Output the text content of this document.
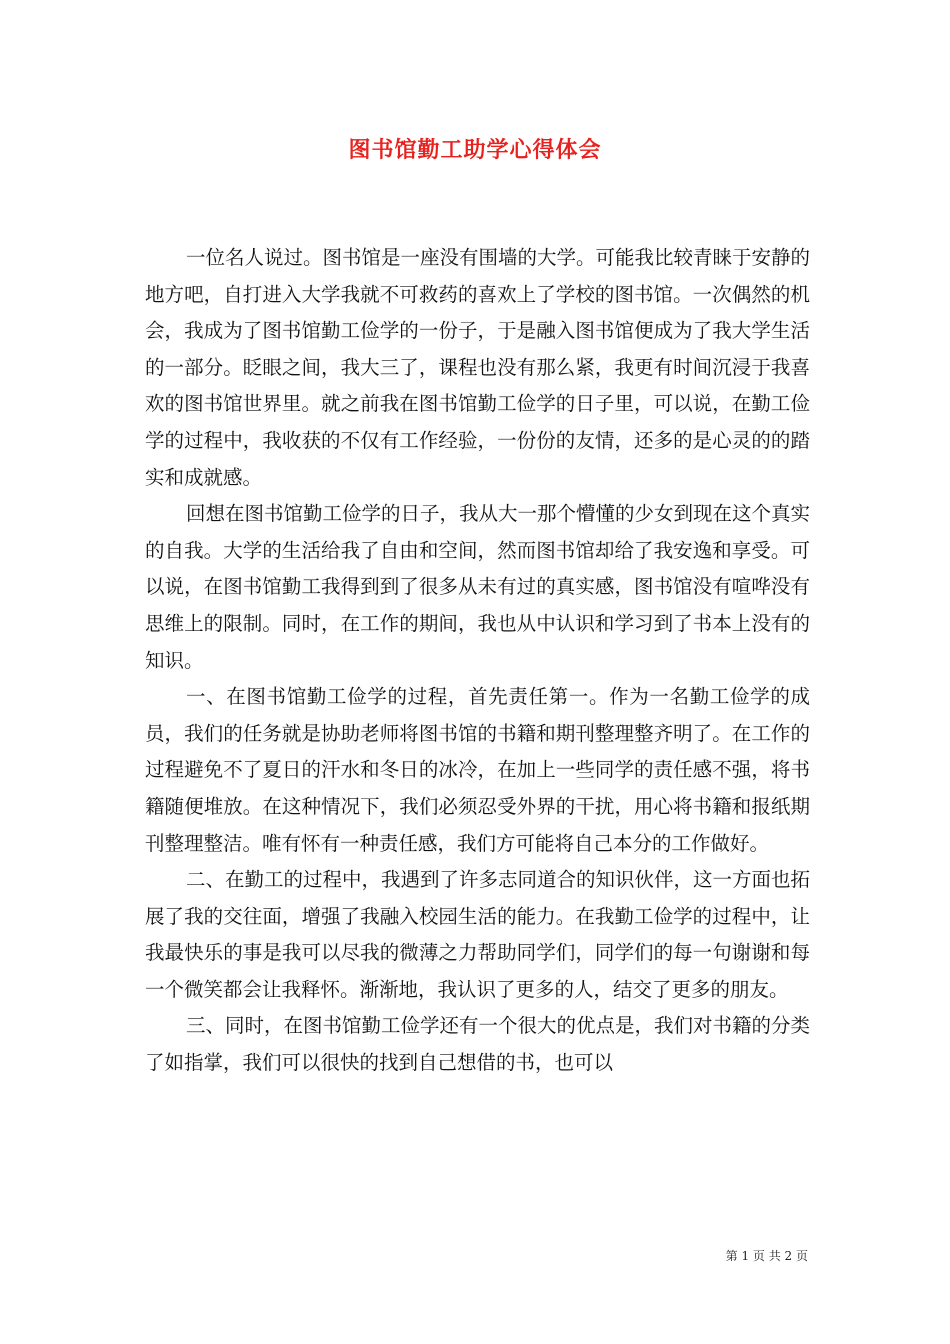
图书馆勤工助学心得体会

一位名人说过。图书馆是一座没有围墙的大学。可能我比较青睐于安静的地方吧，自打进入大学我就不可救药的喜欢上了学校的图书馆。一次偶然的机会，我成为了图书馆勤工俭学的一份子，于是融入图书馆便成为了我大学生活的一部分。眨眼之间，我大三了，课程也没有那么紧，我更有时间沉浸于我喜欢的图书馆世界里。就之前我在图书馆勤工俭学的日子里，可以说，在勤工俭学的过程中，我收获的不仅有工作经验，一份份的友情，还多的是心灵的的踏实和成就感。

回想在图书馆勤工俭学的日子，我从大一那个懵懂的少女到现在这个真实的自我。大学的生活给我了自由和空间，然而图书馆却给了我安逸和享受。可以说，在图书馆勤工我得到到了很多从未有过的真实感，图书馆没有喧哗没有思维上的限制。同时，在工作的期间，我也从中认识和学习到了书本上没有的知识。

一、在图书馆勤工俭学的过程，首先责任第一。作为一名勤工俭学的成员，我们的任务就是协助老师将图书馆的书籍和期刊整理整齐明了。在工作的过程避免不了夏日的汗水和冬日的冰冷，在加上一些同学的责任感不强，将书籍随便堆放。在这种情况下，我们必须忍受外界的干扰，用心将书籍和报纸期刊整理整洁。唯有怀有一种责任感，我们方可能将自己本分的工作做好。

二、在勤工的过程中，我遇到了许多志同道合的知识伙伴，这一方面也拓展了我的交往面，增强了我融入校园生活的能力。在我勤工俭学的过程中，让我最快乐的事是我可以尽我的微薄之力帮助同学们，同学们的每一句谢谢和每一个微笑都会让我释怀。渐渐地，我认识了更多的人，结交了更多的朋友。

三、同时，在图书馆勤工俭学还有一个很大的优点是，我们对书籍的分类了如指掌，我们可以很快的找到自己想借的书，也可以

第 1 页 共 2 页
